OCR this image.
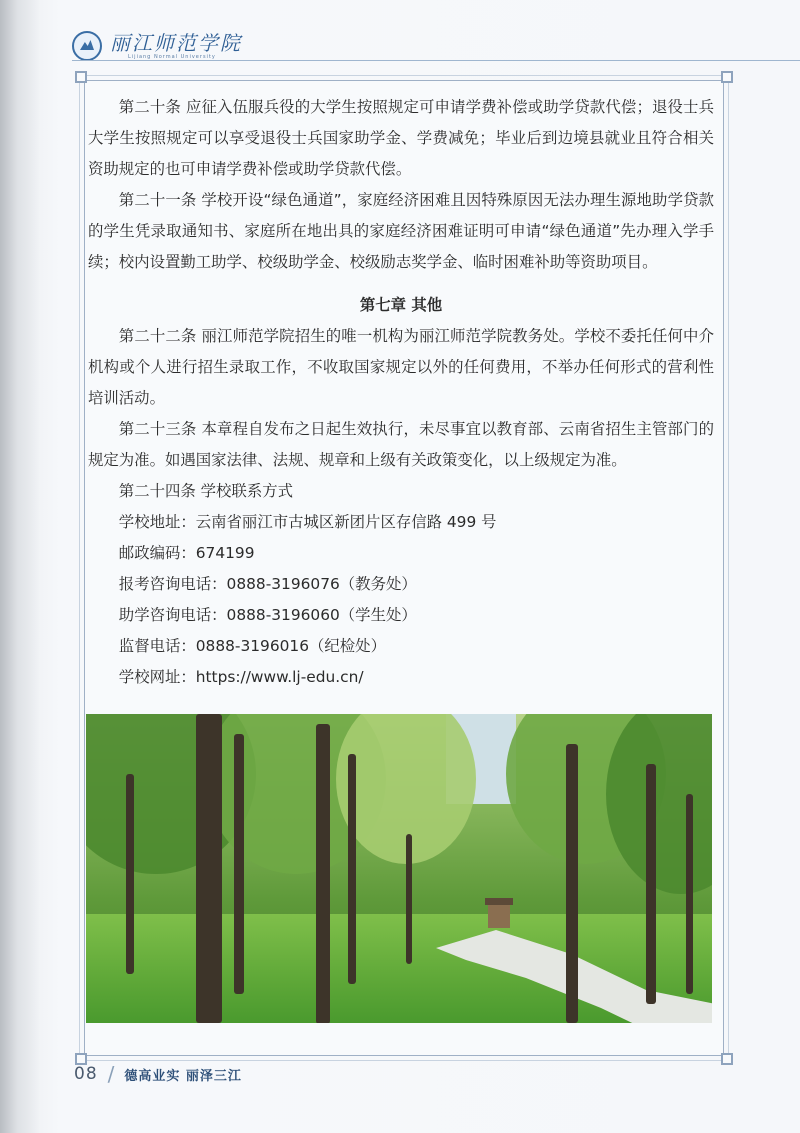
丽江师范学院
Lijiang Normal University

第二十条 应征入伍服兵役的大学生按照规定可申请学费补偿或助学贷款代偿；退役士兵大学生按照规定可以享受退役士兵国家助学金、学费减免；毕业后到边境县就业且符合相关资助规定的也可申请学费补偿或助学贷款代偿。

第二十一条 学校开设“绿色通道”，家庭经济困难且因特殊原因无法办理生源地助学贷款的学生凭录取通知书、家庭所在地出具的家庭经济困难证明可申请“绿色通道”先办理入学手续；校内设置勤工助学、校级助学金、校级励志奖学金、临时困难补助等资助项目。

第七章 其他

第二十二条 丽江师范学院招生的唯一机构为丽江师范学院教务处。学校不委托任何中介机构或个人进行招生录取工作，不收取国家规定以外的任何费用，不举办任何形式的营利性培训活动。

第二十三条 本章程自发布之日起生效执行，未尽事宜以教育部、云南省招生主管部门的规定为准。如遇国家法律、法规、规章和上级有关政策变化，以上级规定为准。

第二十四条 学校联系方式

学校地址：云南省丽江市古城区新团片区存信路 499 号

邮政编码：674199

报考咨询电话：0888-3196076（教务处）

助学咨询电话：0888-3196060（学生处）

监督电话：0888-3196016（纪检处）

学校网址：https://www.lj-edu.cn/

08 / 德高业实 丽泽三江
